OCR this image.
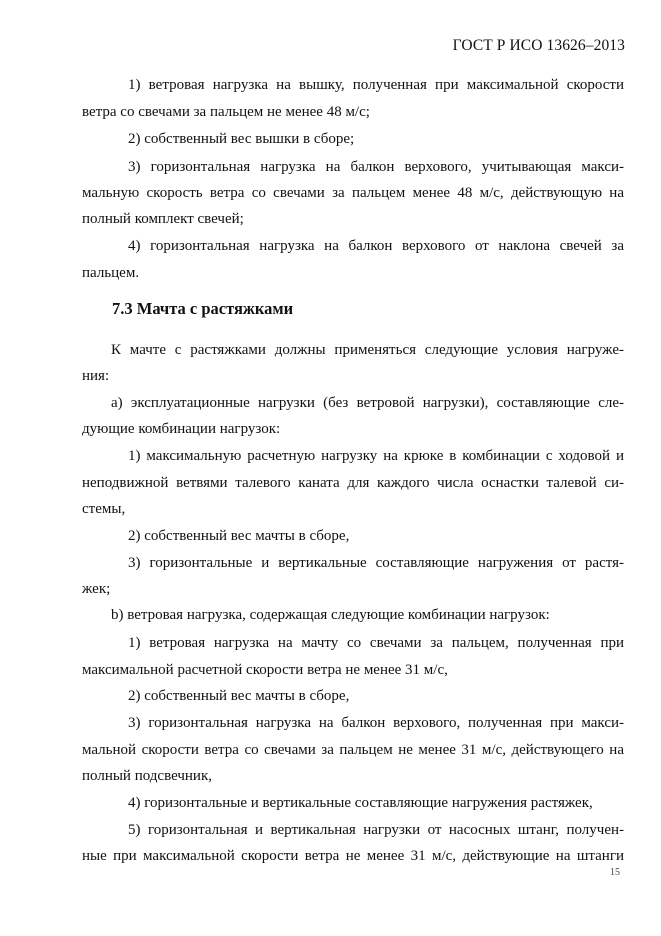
ГОСТ Р ИСО 13626–2013
1) ветровая нагрузка на вышку, полученная при максимальной скорости
ветра со свечами за пальцем не менее 48 м/с;
2) собственный вес вышки в сборе;
3) горизонтальная нагрузка на балкон верхового, учитывающая макси-
мальную скорость ветра со свечами за пальцем менее 48 м/с, действующую на
полный комплект свечей;
4) горизонтальная нагрузка на балкон верхового от наклона свечей за
пальцем.
7.3 Мачта с растяжками
К мачте с растяжками должны применяться следующие условия нагруже-
ния:
а) эксплуатационные нагрузки (без ветровой нагрузки), составляющие сле-
дующие комбинации нагрузок:
1) максимальную расчетную нагрузку на крюке в комбинации с ходовой и
неподвижной ветвями талевого каната для каждого числа оснастки талевой си-
стемы,
2) собственный вес мачты в сборе,
3) горизонтальные и вертикальные составляющие нагружения от растя-
жек;
b) ветровая нагрузка, содержащая следующие комбинации нагрузок:
1) ветровая нагрузка на мачту со свечами за пальцем, полученная при
максимальной расчетной скорости ветра не менее 31 м/с,
2) собственный вес мачты в сборе,
3) горизонтальная нагрузка на балкон верхового, полученная при макси-
мальной скорости ветра со свечами за пальцем не менее 31 м/с, действующего на
полный подсвечник,
4) горизонтальные и вертикальные составляющие нагружения растяжек,
5) горизонтальная и вертикальная нагрузки от насосных штанг, получен-
ные при максимальной скорости ветра не менее 31 м/с, действующие на штанги
15
